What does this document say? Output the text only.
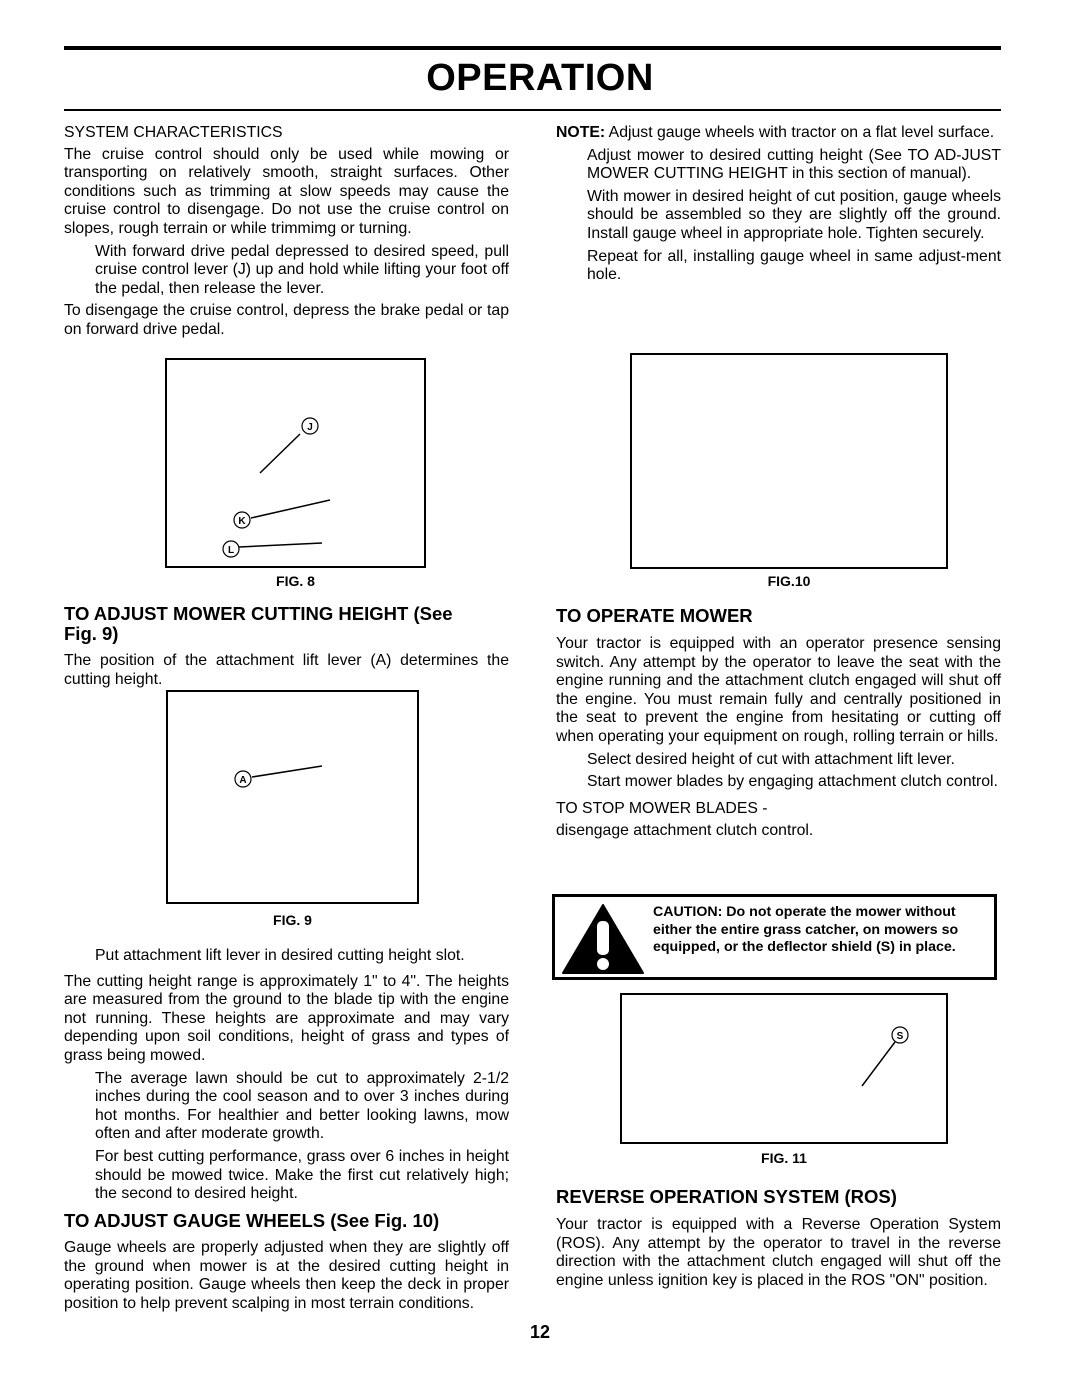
OPERATION
SYSTEM CHARACTERISTICS

The cruise control should only be used while mowing or transporting on relatively smooth, straight surfaces. Other conditions such as trimming at slow speeds may cause the cruise control to disengage. Do not use the cruise control on slopes, rough terrain or while trimmimg or turning.

With forward drive pedal depressed to desired speed, pull cruise control lever (J) up and hold while lifting your foot off the pedal, then release the lever.

To disengage the cruise control, depress the brake pedal or tap on forward drive pedal.

J
K
L
FIG. 8
TO ADJUST MOWER CUTTING HEIGHT (See Fig. 9)

The position of the attachment lift lever (A) determines the cutting height.

A
FIG. 9

Put attachment lift lever in desired cutting height slot.

The cutting height range is approximately 1" to 4". The heights are measured from the ground to the blade tip with the engine not running. These heights are approximate and may vary depending upon soil conditions, height of grass and types of grass being mowed.

The average lawn should be cut to approximately 2-1/2 inches during the cool season and to over 3 inches during hot months. For healthier and better looking lawns, mow often and after moderate growth.

For best cutting performance, grass over 6 inches in height should be mowed twice. Make the first cut relatively high; the second to desired height.

TO ADJUST GAUGE WHEELS (See Fig. 10)

Gauge wheels are properly adjusted when they are slightly off the ground when mower is at the desired cutting height in operating position. Gauge wheels then keep the deck in proper position to help prevent scalping in most terrain conditions.

NOTE: Adjust gauge wheels with tractor on a flat level surface.

Adjust mower to desired cutting height (See TO AD-JUST MOWER CUTTING HEIGHT in this section of manual).

With mower in desired height of cut position, gauge wheels should be assembled so they are slightly off the ground. Install gauge wheel in appropriate hole. Tighten securely.

Repeat for all, installing gauge wheel in same adjust-ment hole.

FIG.10
TO OPERATE MOWER

Your tractor is equipped with an operator presence sensing switch. Any attempt by the operator to leave the seat with the engine running and the attachment clutch engaged will shut off the engine. You must remain fully and centrally positioned in the seat to prevent the engine from hesitating or cutting off when operating your equipment on rough, rolling terrain or hills.

Select desired height of cut with attachment lift lever.

Start mower blades by engaging attachment clutch control.

TO STOP MOWER BLADES -

disengage attachment clutch control.

CAUTION: Do not operate the mower without either the entire grass catcher, on mowers so equipped, or the deflector shield (S) in place.
S
FIG. 11
REVERSE OPERATION SYSTEM (ROS)

Your tractor is equipped with a Reverse Operation System (ROS). Any attempt by the operator to travel in the reverse direction with the attachment clutch engaged will shut off the engine unless ignition key is placed in the ROS "ON" position.

12
